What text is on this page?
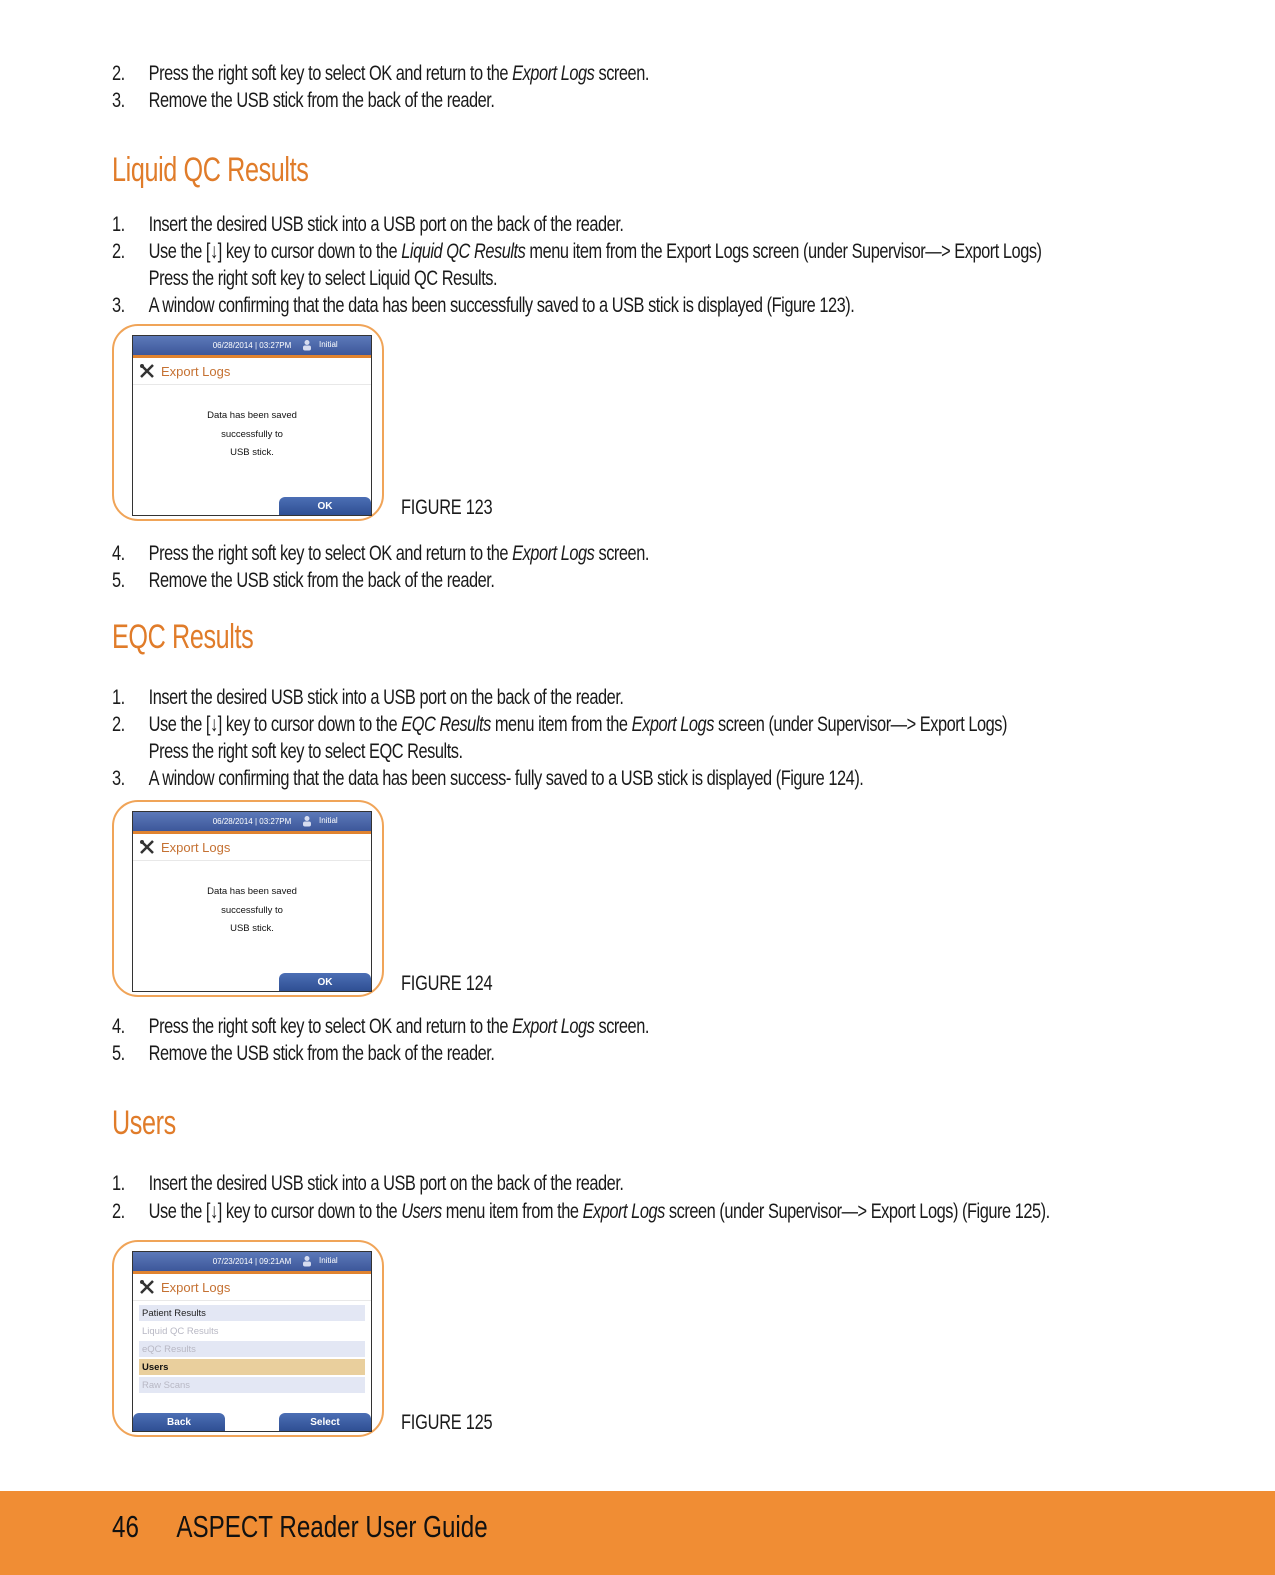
2. Press the right soft key to select OK and return to the Export Logs screen.
3. Remove the USB stick from the back of the reader.
Liquid QC Results
1. Insert the desired USB stick into a USB port on the back of the reader.
2. Use the [↓] key to cursor down to the Liquid QC Results menu item from the Export Logs screen (under Supervisor—> Export Logs)
Press the right soft key to select Liquid QC Results.
3. A window confirming that the data has been successfully saved to a USB stick is displayed (Figure 123).
06/28/2014 | 03:27PM	Initial
Export Logs
Data has been saved
successfully to
USB stick.
OK	FIGURE 123
4. Press the right soft key to select OK and return to the Export Logs screen.
5. Remove the USB stick from the back of the reader.
EQC Results
1. Insert the desired USB stick into a USB port on the back of the reader.
2. Use the [↓] key to cursor down to the EQC Results menu item from the Export Logs screen (under Supervisor—> Export Logs)
Press the right soft key to select EQC Results.
3. A window confirming that the data has been success- fully saved to a USB stick is displayed (Figure 124).
06/28/2014 | 03:27PM	Initial
Export Logs
Data has been saved
successfully to
USB stick.
OK	FIGURE 124
4. Press the right soft key to select OK and return to the Export Logs screen.
5. Remove the USB stick from the back of the reader.
Users
1. Insert the desired USB stick into a USB port on the back of the reader.
2. Use the [↓] key to cursor down to the Users menu item from the Export Logs screen (under Supervisor—> Export Logs) (Figure 125).
07/23/2014 | 09:21AM	Initial
Export Logs
Patient Results
Liquid QC Results
eQC Results
Users
Raw Scans
Back	Select	FIGURE 125
46 ASPECT Reader User Guide
